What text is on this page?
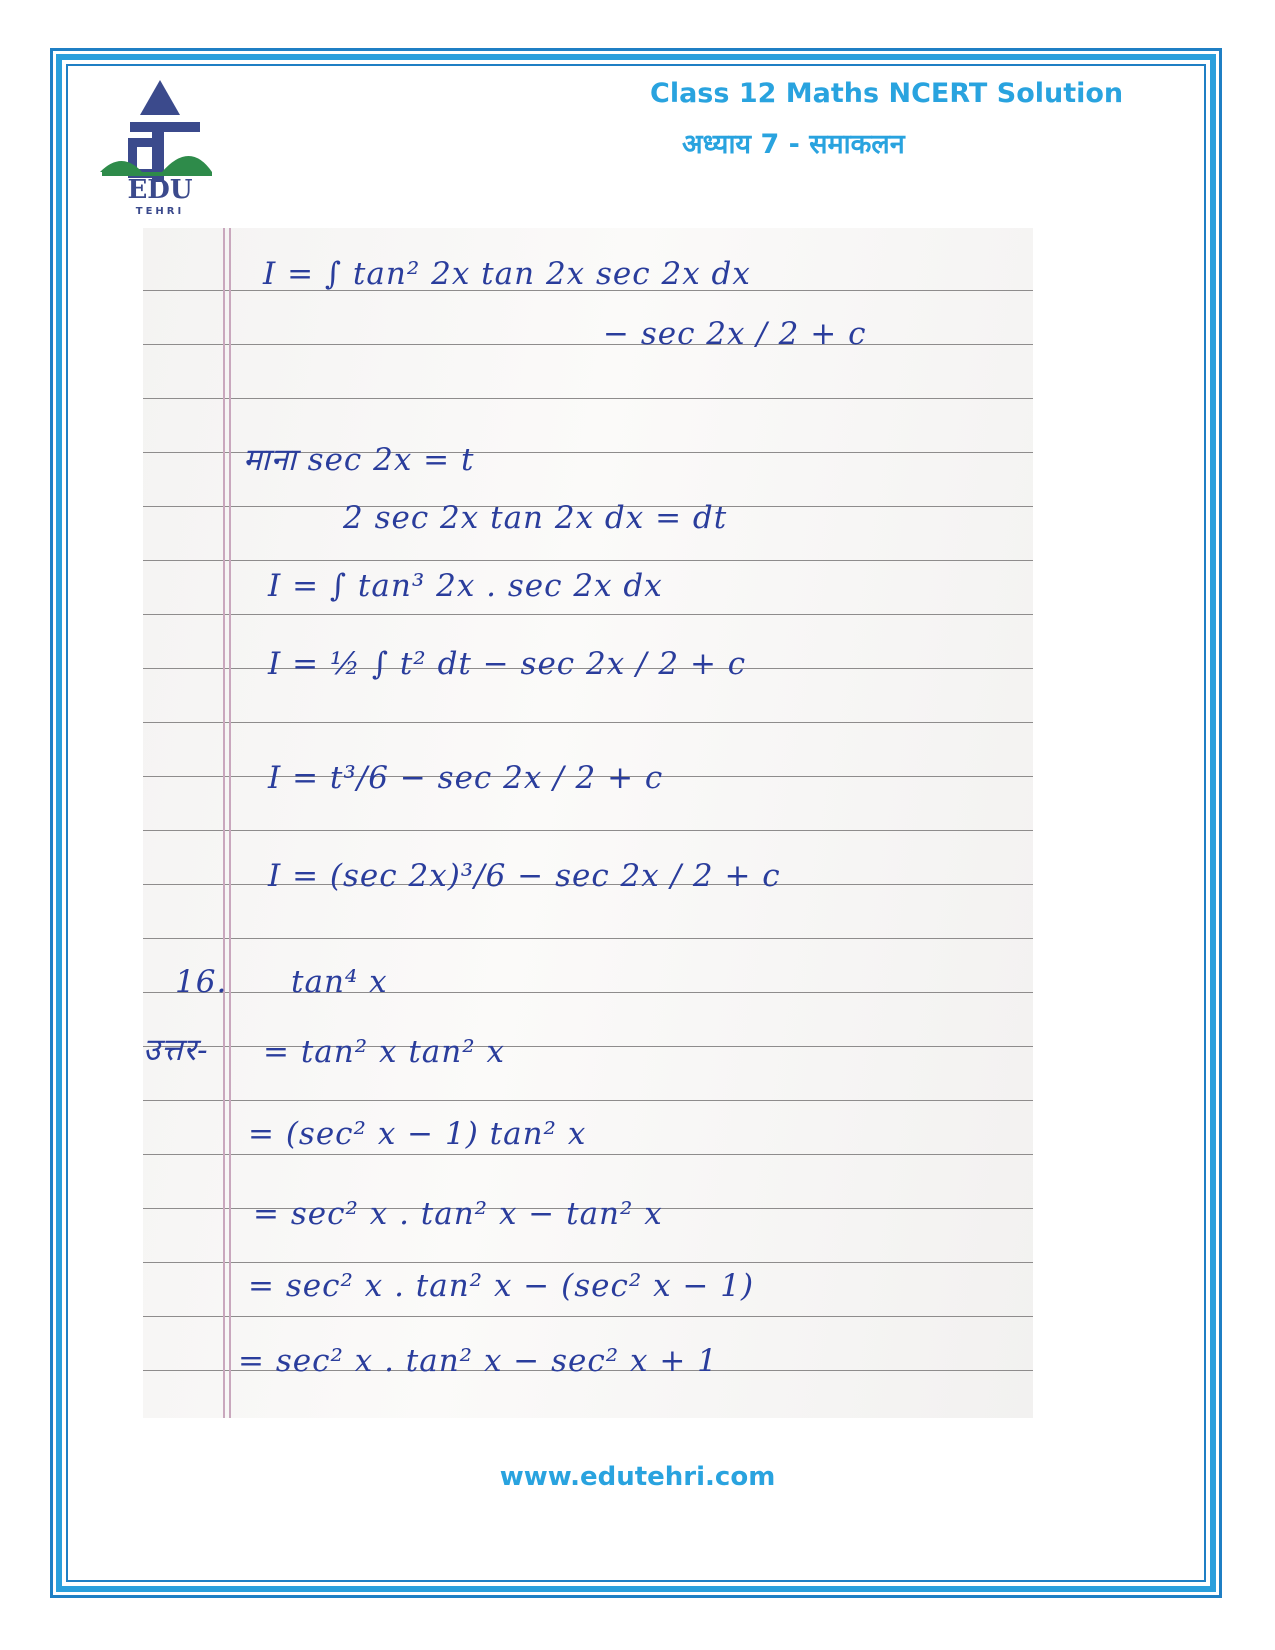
EDU
TEHRI
Class 12 Maths NCERT Solution
अध्याय 7 - समाकलन
I = ∫ tan² 2x tan 2x sec 2x dx
− sec 2x / 2 + c
माना sec 2x = t
2 sec 2x tan 2x dx = dt
I = ∫ tan³ 2x . sec 2x dx
I = ½ ∫ t² dt − sec 2x / 2 + c
I = t³/6 − sec 2x / 2 + c
I = (sec 2x)³/6 − sec 2x / 2 + c
16. tan⁴ x
उत्तर- = tan² x tan² x
= (sec² x − 1) tan² x
= sec² x . tan² x − tan² x
= sec² x . tan² x − (sec² x − 1)
= sec² x . tan² x − sec² x + 1
www.edutehri.com
